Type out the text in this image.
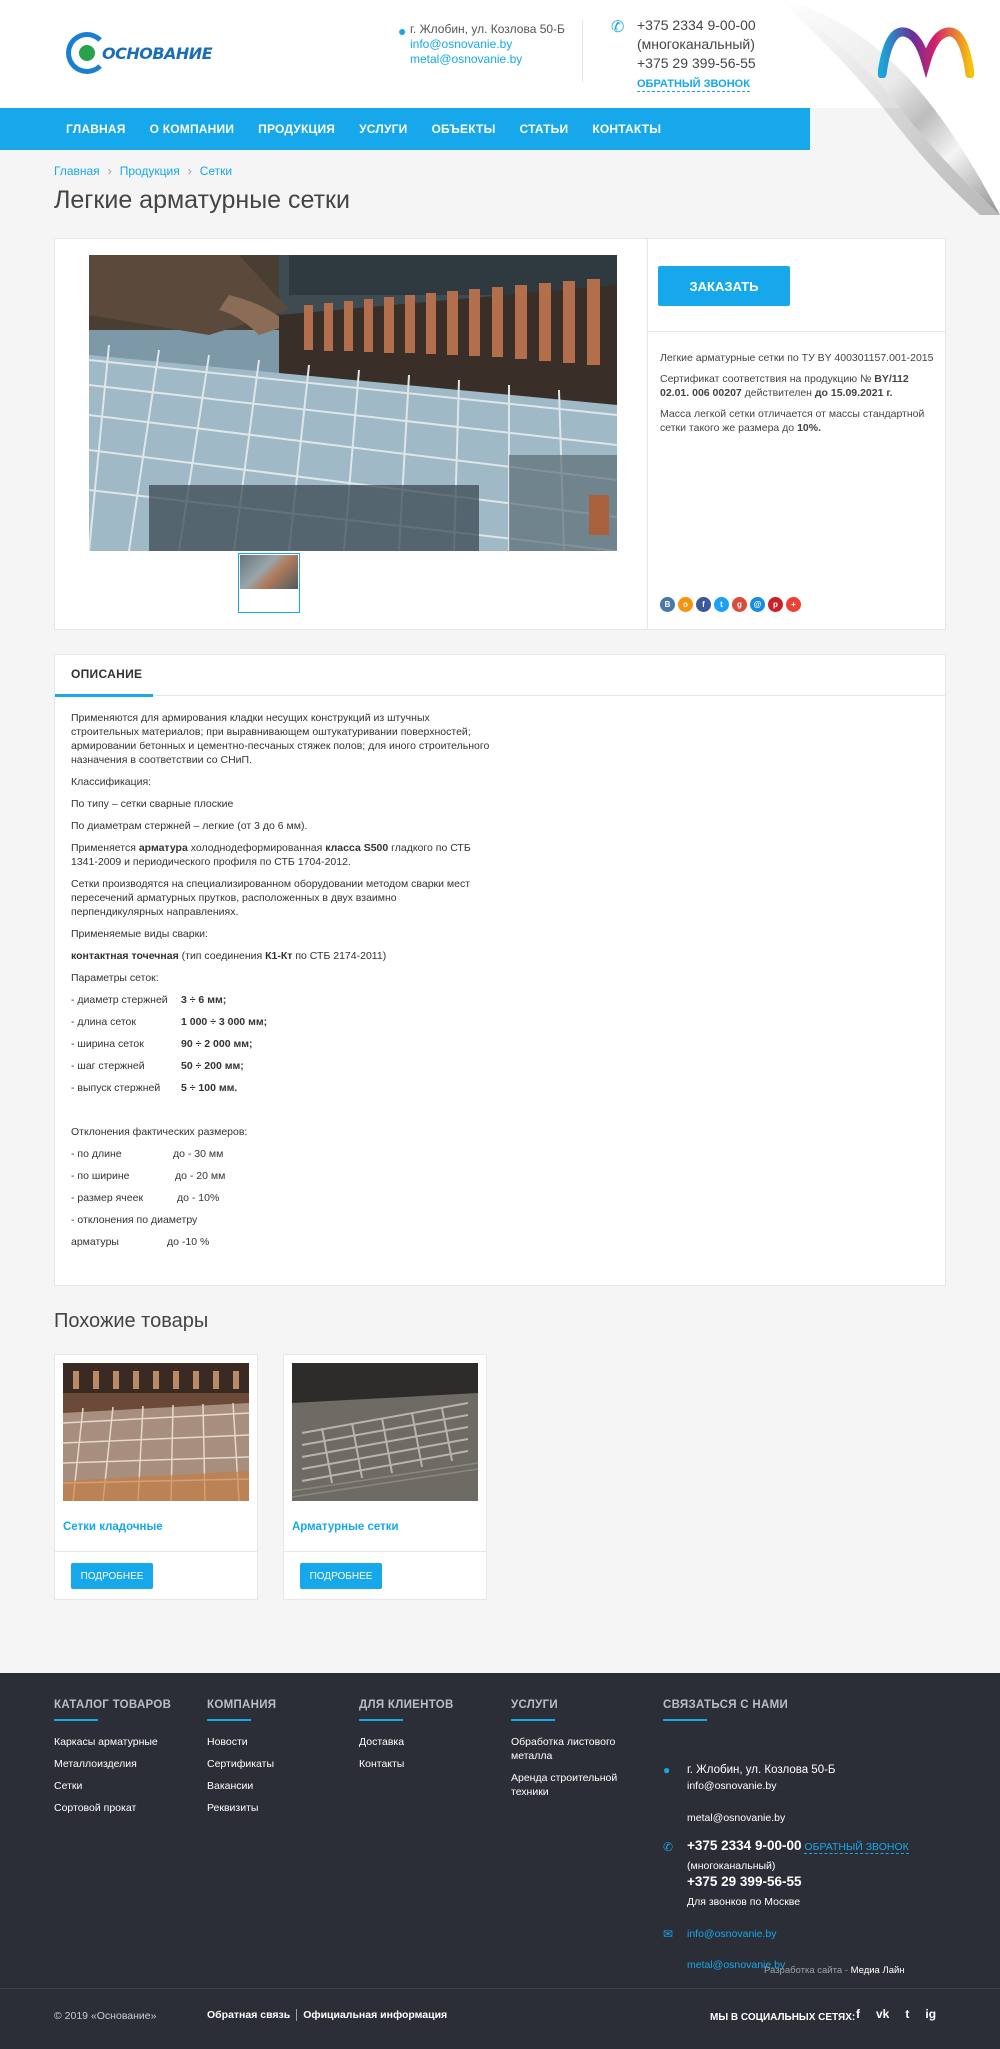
ОСНОВАНИЕ
● г. Жлобин, ул. Козлова 50-Б
info@osnovanie.by
metal@osnovanie.by
✆ +375 2334 9-00-00
(многоканальный)
+375 29 399-56-55
ОБРАТНЫЙ ЗВОНОК
ГЛАВНАЯ О КОМПАНИИ ПРОДУКЦИЯ УСЛУГИ ОБЪЕКТЫ СТАТЬИ КОНТАКТЫ
Главная › Продукция › Сетки
Легкие арматурные сетки
ЗАКАЗАТЬ

Легкие арматурные сетки по ТУ BY 400301157.001-2015

Сертификат соответствия на продукцию № BY/112 02.01. 006 00207 действителен до 15.09.2021 г.

Масса легкой сетки отличается от массы стандартной сетки такого же размера до 10%.

В	о	f	t	g	@	p	+
ОПИСАНИЕ

Применяются для армирования кладки несущих конструкций из штучных строительных материалов; при выравнивающем оштукатуривании поверхностей; армировании бетонных и цементно-песчаных стяжек полов; для иного строительного назначения в соответствии со СНиП.

Классификация:

По типу – сетки сварные плоские

По диаметрам стержней – легкие (от 3 до 6 мм).

Применяется арматура холоднодеформированная класса S500 гладкого по СТБ 1341-2009 и периодического профиля по СТБ 1704-2012.

Сетки производятся на специализированном оборудовании методом сварки мест пересечений арматурных прутков, расположенных в двух взаимно перпендикулярных направлениях.

Применяемые виды сварки:

контактная точечная (тип соединения К1-Кт по СТБ 2174-2011)

Параметры сеток:

- диаметр стержней	3 ÷ 6 мм;
- длина сеток	1 000 ÷ 3 000 мм;
- ширина сеток	90 ÷ 2 000 мм;
- шаг стержней	50 ÷ 200 мм;
- выпуск стержней	5 ÷ 100 мм.

Отклонения фактических размеров:

- по длине	до - 30 мм
- по ширине	до - 20 мм
- размер ячеек	до - 10%

- отклонения по диаметру

арматуры	до -10 %
Похожие товары
Сетки кладочные
ПОДРОБНЕЕ
Арматурные сетки
ПОДРОБНЕЕ
КАТАЛОГ ТОВАРОВ
Каркасы арматурные
Металлоизделия
Сетки
Сортовой прокат
КОМПАНИЯ
Новости
Сертификаты
Вакансии
Реквизиты
ДЛЯ КЛИЕНТОВ
Доставка
Контакты
УСЛУГИ
Обработка листового металла
Аренда строительной техники
СВЯЗАТЬСЯ С НАМИ
● г. Жлобин, ул. Козлова 50-Б
info@osnovanie.by
metal@osnovanie.by
✆ +375 2334 9-00-00 ОБРАТНЫЙ ЗВОНОК
(многоканальный)
+375 29 399-56-55
Для звонков по Москве
✉ info@osnovanie.by
metal@osnovanie.by
Разработка сайта - Медиа Лайн
© 2019 «Основание»	Обратная связь Официальная информация	МЫ В СОЦИАЛЬНЫХ СЕТЯХ: f vk t ig
